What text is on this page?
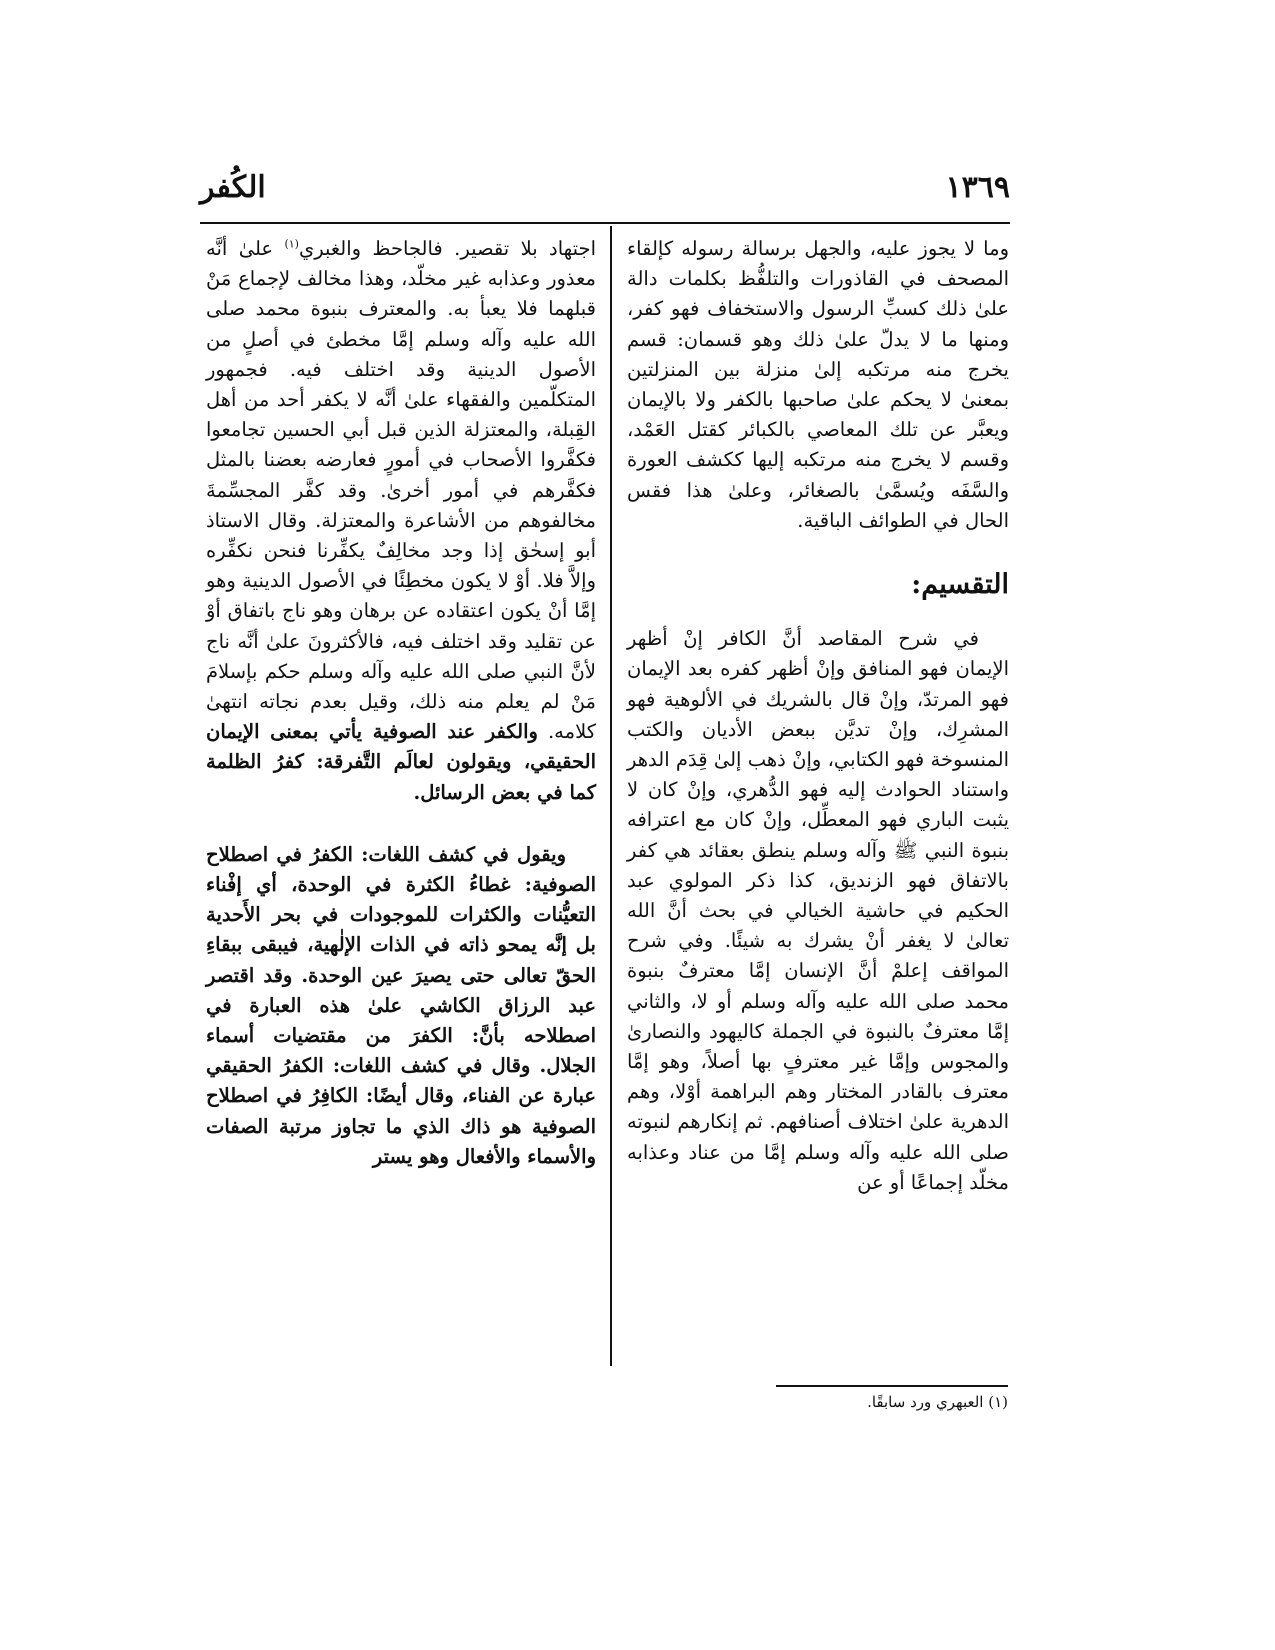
١٣٦٩
الكُفر

وما لا يجوز عليه، والجهل برسالة رسوله كإلقاء المصحف في القاذورات والتلفُّظ بكلمات دالة علىٰ ذلك كسبِّ الرسول والاستخفاف فهو كفر، ومنها ما لا يدلّ علىٰ ذلك وهو قسمان: قسم يخرج منه مرتكبه إلىٰ منزلة بين المنزلتين بمعنىٰ لا يحكم علىٰ صاحبها بالكفر ولا بالإيمان ويعبَّر عن تلك المعاصي بالكبائر كقتل العَمْد، وقسم لا يخرج منه مرتكبه إليها ككشف العورة والسَّفَه ويُسمَّىٰ بالصغائر، وعلىٰ هذا فقس الحال في الطوائف الباقية.

التقسيم:

في شرح المقاصد أنَّ الكافر إنْ أظهر الإيمان فهو المنافق وإنْ أظهر كفره بعد الإيمان فهو المرتدّ، وإنْ قال بالشريك في الألوهية فهو المشرِك، وإنْ تديَّن ببعض الأديان والكتب المنسوخة فهو الكتابي، وإنْ ذهب إلىٰ قِدَم الدهر واستناد الحوادث إليه فهو الدُّهري، وإنْ كان لا يثبت الباري فهو المعطِّل، وإنْ كان مع اعترافه بنبوة النبي ﷺ وآله وسلم ينطق بعقائد هي كفر بالاتفاق فهو الزنديق، كذا ذكر المولوي عبد الحكيم في حاشية الخيالي في بحث أنَّ الله تعالىٰ لا يغفر أنْ يشرك به شيئًا. وفي شرح المواقف إعلمْ أنَّ الإنسان إمَّا معترفٌ بنبوة محمد صلى الله عليه وآله وسلم أو لا، والثاني إمَّا معترفٌ بالنبوة في الجملة كاليهود والنصارىٰ والمجوس وإمَّا غير معترفٍ بها أصلاً، وهو إمَّا معترف بالقادر المختار وهم البراهمة أوْلا، وهم الدهرية علىٰ اختلاف أصنافهم. ثم إنكارهم لنبوته صلى الله عليه وآله وسلم إمَّا من عناد وعذابه مخلّد إجماعًا أو عن

اجتهاد بلا تقصير. فالجاحظ والغبري$^{(١)}$ علىٰ أنَّه معذور وعذابه غير مخلّد، وهذا مخالف لإجماع مَنْ قبلهما فلا يعبأ به. والمعترف بنبوة محمد صلى الله عليه وآله وسلم إمَّا مخطئ في أصلٍ من الأصول الدينية وقد اختلف فيه. فجمهور المتكلّمين والفقهاء علىٰ أنَّه لا يكفر أحد من أهل القِبلة، والمعتزلة الذين قبل أبي الحسين تجامعوا فكفَّروا الأصحاب في أمورٍ فعارضه بعضنا بالمثل فكفَّرهم في أمور أخرىٰ. وقد كفَّر المجسِّمةَ مخالفوهم من الأشاعرة والمعتزلة. وقال الاستاذ أبو إسحٰق إذا وجد مخالِفٌ يكفِّرنا فنحن نكفِّره وإلاَّ فلا. أوْ لا يكون مخطِئًا في الأصول الدينية وهو إمَّا أنْ يكون اعتقاده عن برهان وهو ناج باتفاق أوْ عن تقليد وقد اختلف فيه، فالأكثرونَ علىٰ أنَّه ناج لأنَّ النبي صلى الله عليه وآله وسلم حكم بإسلامَ مَنْ لم يعلم منه ذلك، وقيل بعدم نجاته انتهىٰ كلامه. والكفر عند الصوفية يأتي بمعنى الإيمان الحقيقي، ويقولون لعالَم التَّفرقة: كفرُ الظلمة كما في بعض الرسائل.

ويقول في كشف اللغات: الكفرُ في اصطلاح الصوفية: غطاءُ الكثرة في الوحدة، أي إفْناء التعيُّنات والكثرات للموجودات في بحر الأَحدية بل إنَّه يمحو ذاته في الذات الإلٰهية، فيبقى ببقاءِ الحقّ تعالى حتى يصيرَ عين الوحدة. وقد اقتصر عبد الرزاق الكاشي علىٰ هذه العبارة في اصطلاحه بأنَّ: الكفرَ من مقتضيات أسماء الجلال. وقال في كشف اللغات: الكفرُ الحقيقي عبارة عن الفناء، وقال أيضًا: الكافِرُ في اصطلاح الصوفية هو ذاك الذي ما تجاوز مرتبة الصفات والأسماء والأفعال وهو يستر

(١) العبهري ورد سابقًا.
